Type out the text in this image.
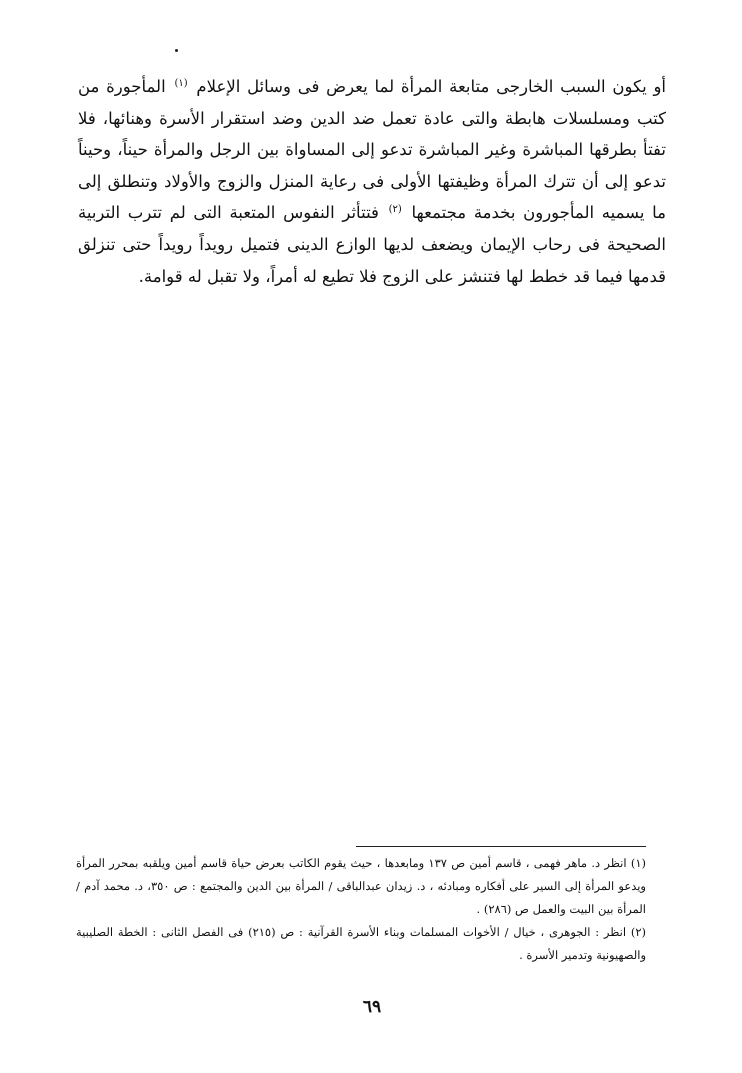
أو يكون السبب الخارجى متابعة المرأة لما يعرض فى وسائل الإعلام $^{(١)}$ المأجورة من كتب ومسلسلات هابطة والتى عادة تعمل ضد الدين وضد استقرار الأسرة وهنائها، فلا تفتأ بطرقها المباشرة وغير المباشرة تدعو إلى المساواة بين الرجل والمرأة حيناً، وحيناً تدعو إلى أن تترك المرأة وظيفتها الأولى فى رعاية المنزل والزوج والأولاد وتنطلق إلى ما يسميه المأجورون بخدمة مجتمعها $^{(٢)}$ فتتأثر النفوس المتعبة التى لم تترب التربية الصحيحة فى رحاب الإيمان ويضعف لديها الوازع الدينى فتميل رويداً رويداً حتى تنزلق قدمها فيما قد خطط لها فتنشز على الزوج فلا تطيع له أمراً، ولا تقبل له قوامة.
(١) انظر د. ماهر فهمى ، قاسم أمين ص ١٣٧ ومابعدها ، حيث يقوم الكاتب بعرض حياة قاسم أمين ويلقبه بمحرر المرأة ويدعو المرأة إلى السير على أفكاره ومبادئه ، د. زيدان عبدالباقى / المرأة بين الدين والمجتمع : ص ٣٥٠، د. محمد آدم / المرأة بين البيت والعمل ص (٢٨٦) .
(٢) انظر : الجوهرى ، خيال / الأخوات المسلمات وبناء الأسرة القرآنية : ص (٢١٥) فى الفصل الثانى : الخطة الصليبية والصهيونية وتدمير الأسرة .
٦٩
